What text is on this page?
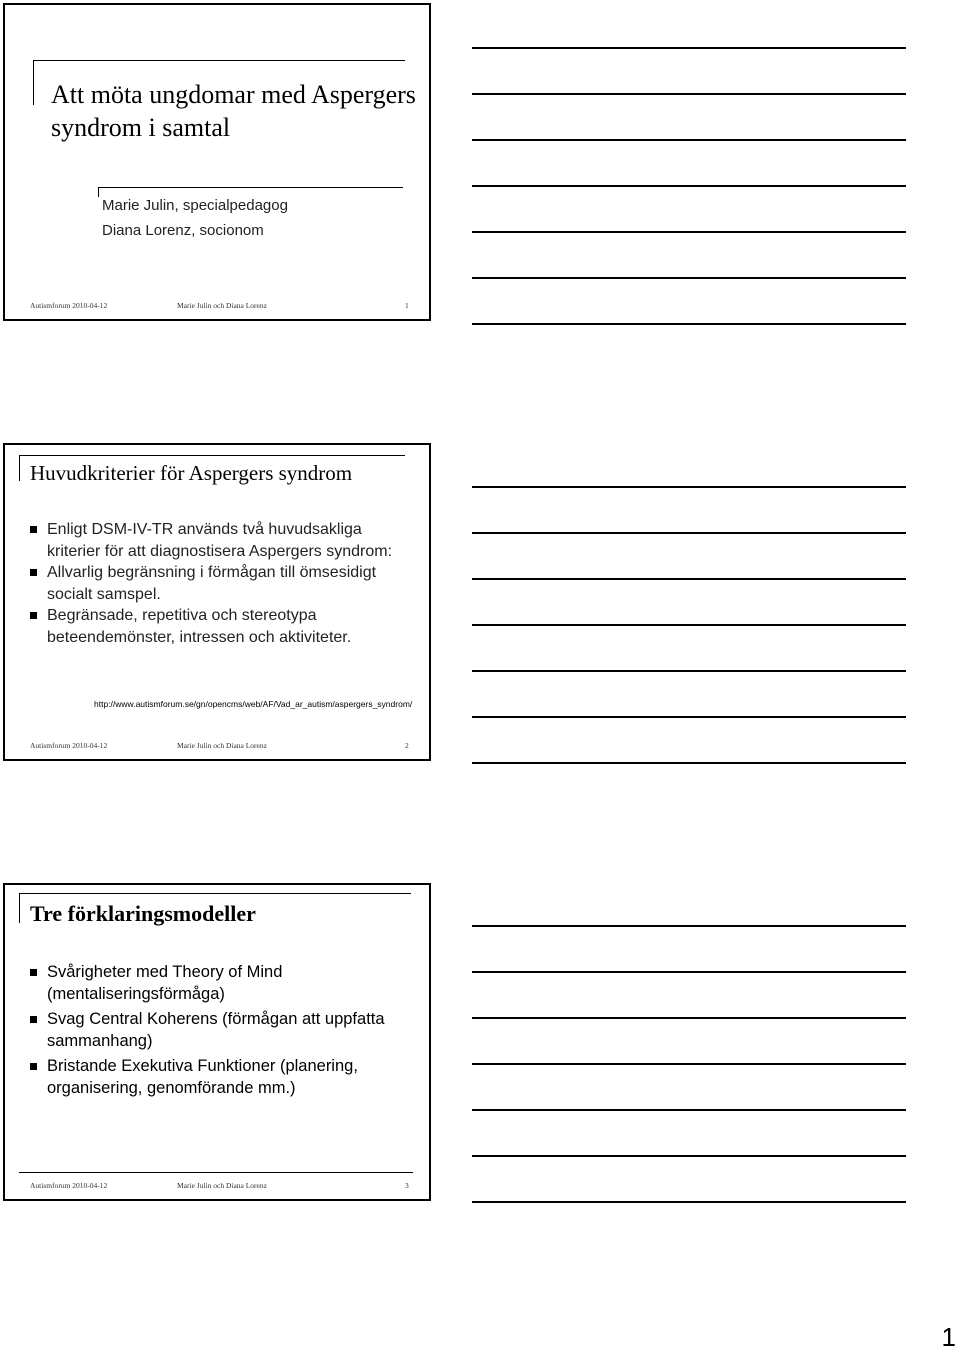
Att möta ungdomar med Aspergers syndrom i samtal
Marie Julin, specialpedagog
Diana Lorenz, socionom
Autismforum 2010-04-12	Marie Julin och Diana Lorenz	1
Huvudkriterier för Aspergers syndrom
Enligt DSM-IV-TR används två huvudsakliga kriterier för att diagnostisera Aspergers syndrom:
Allvarlig begränsning i förmågan till ömsesidigt socialt samspel.
Begränsade, repetitiva och stereotypa beteendemönster, intressen och aktiviteter.
http://www.autismforum.se/gn/opencms/web/AF/Vad_ar_autism/aspergers_syndrom/
Autismforum 2010-04-12	Marie Julin och Diana Lorenz	2
Tre förklaringsmodeller
Svårigheter med Theory of Mind (mentaliseringsförmåga)
Svag Central Koherens (förmågan att uppfatta sammanhang)
Bristande Exekutiva Funktioner (planering, organisering, genomförande mm.)
Autismforum 2010-04-12	Marie Julin och Diana Lorenz	3
1
